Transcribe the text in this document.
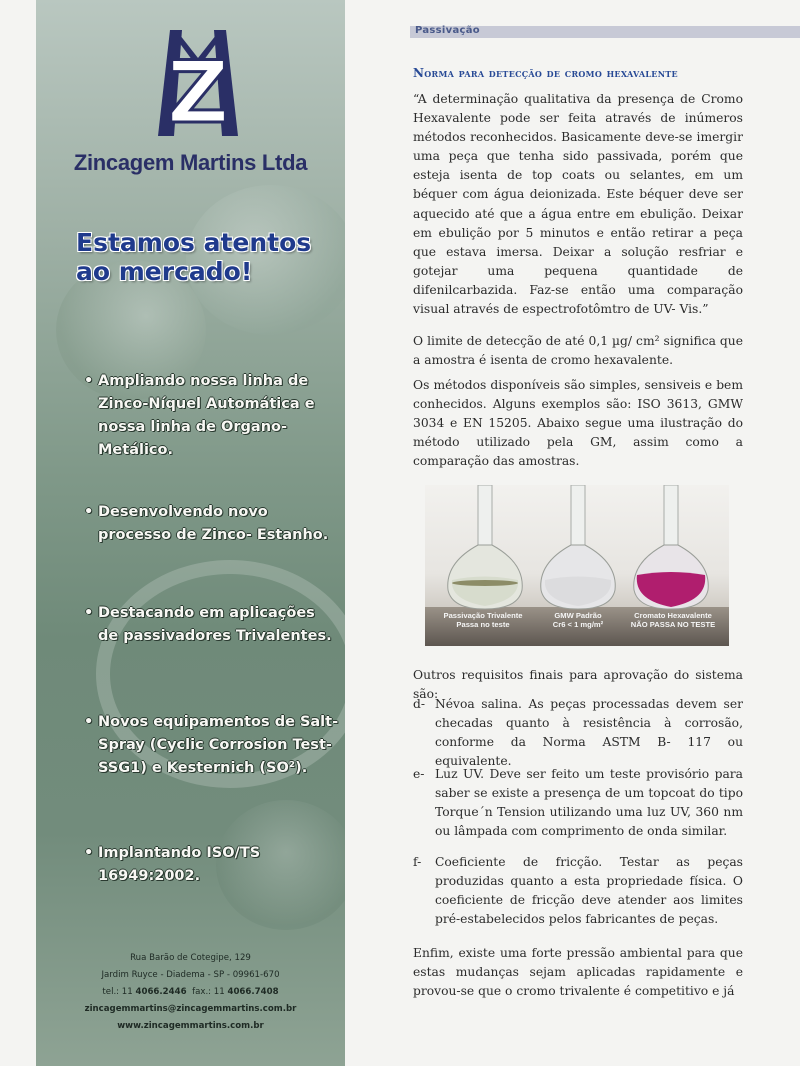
Z
Zincagem Martins Ltda
Estamos atentos
ao mercado!
• Ampliando nossa linha de Zinco-Níquel Automática e nossa linha de Organo-Metálico.
• Desenvolvendo novo processo de Zinco- Estanho.
• Destacando em aplicações de passivadores Trivalentes.
• Novos equipamentos de Salt-Spray (Cyclic Corrosion Test-SSG1) e Kesternich (SO²).
• Implantando ISO/TS 16949:2002.
Rua Barão de Cotegipe, 129
Jardim Ruyce - Diadema - SP - 09961-670
tel.: 11 4066.2446 fax.: 11 4066.7408
zincagemmartins@zincagemmartins.com.br
www.zincagemmartins.com.br
Passivação
Norma para detecção de cromo hexavalente
“A determinação qualitativa da presença de Cromo Hexavalente pode ser feita através de inúmeros métodos reconhecidos. Basicamente deve-se imergir uma peça que tenha sido passivada, porém que esteja isenta de top coats ou selantes, em um béquer com água deionizada. Este béquer deve ser aquecido até que a água entre em ebulição. Deixar em ebulição por 5 minutos e então retirar a peça que estava imersa. Deixar a solução resfriar e gotejar uma pequena quantidade de difenilcarbazida. Faz-se então uma comparação visual através de espectrofotômtro de UV- Vis.”
O limite de detecção de até 0,1 µg/ cm² significa que a amostra é isenta de cromo hexavalente.
Os métodos disponíveis são simples, sensiveis e bem conhecidos. Alguns exemplos são: ISO 3613, GMW 3034 e EN 15205. Abaixo segue uma ilustração do método utilizado pela GM, assim como a comparação das amostras.
Passivação Trivalente
Passa no teste
GMW Padrão
Cr6 < 1 mg/m²
Cromato Hexavalente
NÃO PASSA NO TESTE
Outros requisitos finais para aprovação do sistema são:
d- Névoa salina. As peças processadas devem ser checadas quanto à resistência à corrosão, conforme da Norma ASTM B- 117 ou equivalente.
e- Luz UV. Deve ser feito um teste provisório para saber se existe a presença de um topcoat do tipo Torque´n Tension utilizando uma luz UV, 360 nm ou lâmpada com comprimento de onda similar.
f- Coeficiente de fricção. Testar as peças produzidas quanto a esta propriedade física. O coeficiente de fricção deve atender aos limites pré-estabelecidos pelos fabricantes de peças.
Enfim, existe uma forte pressão ambiental para que estas mudanças sejam aplicadas rapidamente e provou-se que o cromo trivalente é competitivo e já
